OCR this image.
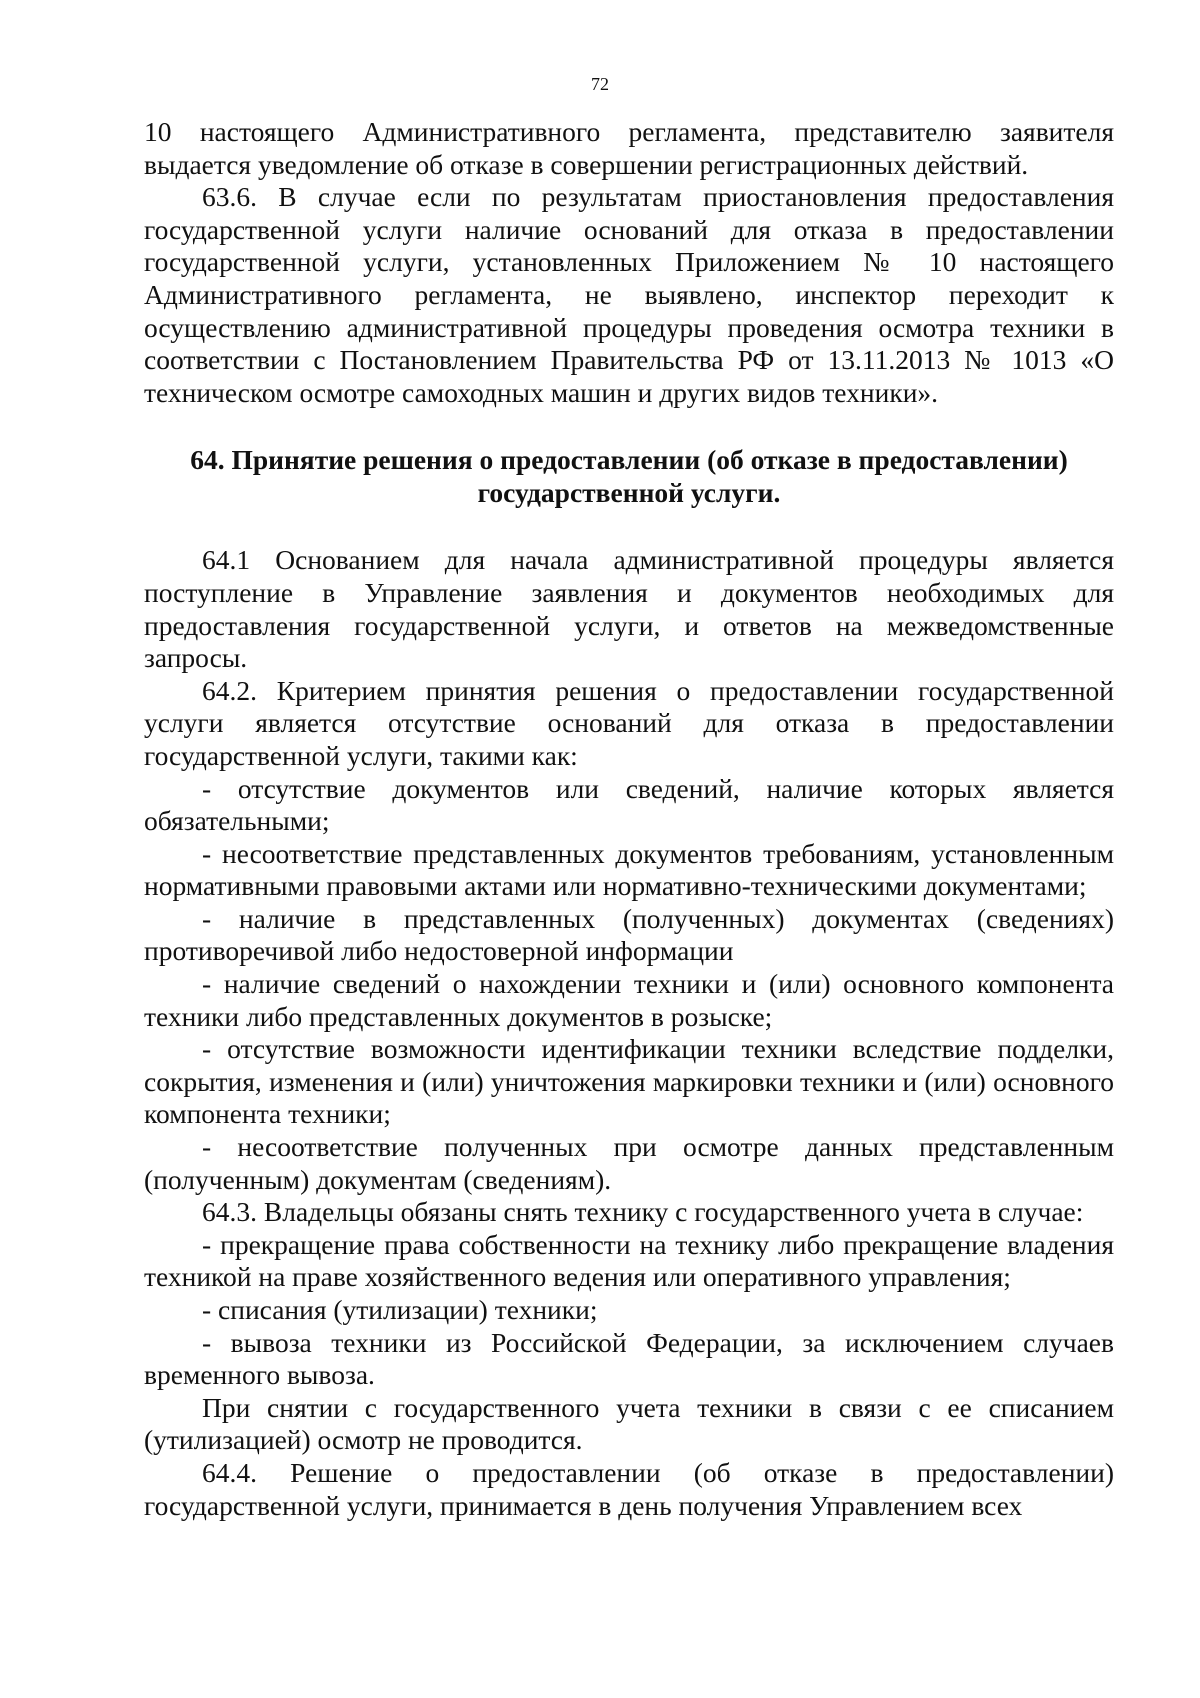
72

10 настоящего Административного регламента, представителю заявителя выдается уведомление об отказе в совершении регистрационных действий.

63.6. В случае если по результатам приостановления предоставления государственной услуги наличие оснований для отказа в предоставлении государственной услуги, установленных Приложением № 10 настоящего Административного регламента, не выявлено, инспектор переходит к осуществлению административной процедуры проведения осмотра техники в соответствии с Постановлением Правительства РФ от 13.11.2013 № 1013 «О техническом осмотре самоходных машин и других видов техники».

64. Принятие решения о предоставлении (об отказе в предоставлении)
государственной услуги.

64.1 Основанием для начала административной процедуры является поступление в Управление заявления и документов необходимых для предоставления государственной услуги, и ответов на межведомственные запросы.

64.2. Критерием принятия решения о предоставлении государственной услуги является отсутствие оснований для отказа в предоставлении государственной услуги, такими как:

- отсутствие документов или сведений, наличие которых является обязательными;

- несоответствие представленных документов требованиям, установленным нормативными правовыми актами или нормативно-техническими документами;

- наличие в представленных (полученных) документах (сведениях) противоречивой либо недостоверной информации

- наличие сведений о нахождении техники и (или) основного компонента техники либо представленных документов в розыске;

- отсутствие возможности идентификации техники вследствие подделки, сокрытия, изменения и (или) уничтожения маркировки техники и (или) основного компонента техники;

- несоответствие полученных при осмотре данных представленным (полученным) документам (сведениям).

64.3. Владельцы обязаны снять технику с государственного учета в случае:

- прекращение права собственности на технику либо прекращение владения техникой на праве хозяйственного ведения или оперативного управления;

- списания (утилизации) техники;

- вывоза техники из Российской Федерации, за исключением случаев временного вывоза.

При снятии с государственного учета техники в связи с ее списанием (утилизацией) осмотр не проводится.

64.4. Решение о предоставлении (об отказе в предоставлении) государственной услуги, принимается в день получения Управлением всех
